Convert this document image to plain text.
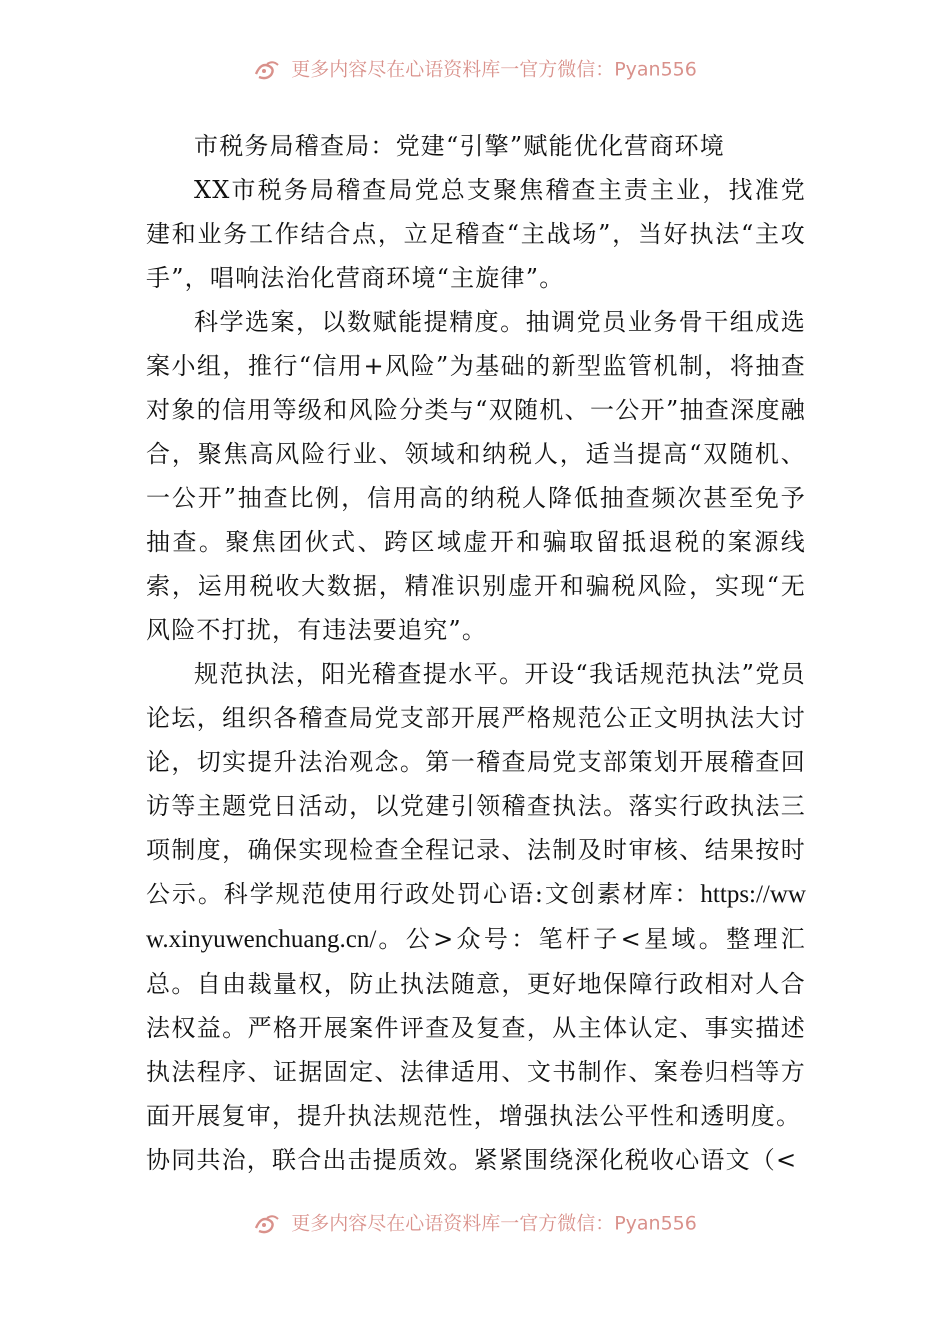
更多内容尽在心语资料库一官方微信：Pyan556
市税务局稽查局：党建“引擎”赋能优化营商环境

XX市税务局稽查局党总支聚焦稽查主责主业，找准党建和业务工作结合点，立足稽查“主战场”，当好执法“主攻手”，唱响法治化营商环境“主旋律”。

科学选案，以数赋能提精度。抽调党员业务骨干组成选案小组，推行“信用+风险”为基础的新型监管机制，将抽查对象的信用等级和风险分类与“双随机、一公开”抽查深度融合，聚焦高风险行业、领域和纳税人，适当提高“双随机、一公开”抽查比例，信用高的纳税人降低抽查频次甚至免予抽查。聚焦团伙式、跨区域虚开和骗取留抵退税的案源线索，运用税收大数据，精准识别虚开和骗税风险，实现“无风险不打扰，有违法要追究”。

规范执法，阳光稽查提水平。开设“我话规范执法”党员论坛，组织各稽查局党支部开展严格规范公正文明执法大讨论，切实提升法治观念。第一稽查局党支部策划开展稽查回访等主题党日活动，以党建引领稽查执法。落实行政执法三项制度，确保实现检查全程记录、法制及时审核、结果按时公示。科学规范使用行政处罚心语:文创素材库：https://www.xinyuwenchuang.cn/。公>众号：笔杆子<星域。整理汇总。自由裁量权，防止执法随意，更好地保障行政相对人合法权益。严格开展案件评查及复查，从主体认定、事实描述执法程序、证据固定、法律适用、文书制作、案卷归档等方面开展复审，提升执法规范性，增强执法公平性和透明度。

协同共治，联合出击提质效。紧紧围绕深化税收心语文（<

更多内容尽在心语资料库一官方微信：Pyan556
